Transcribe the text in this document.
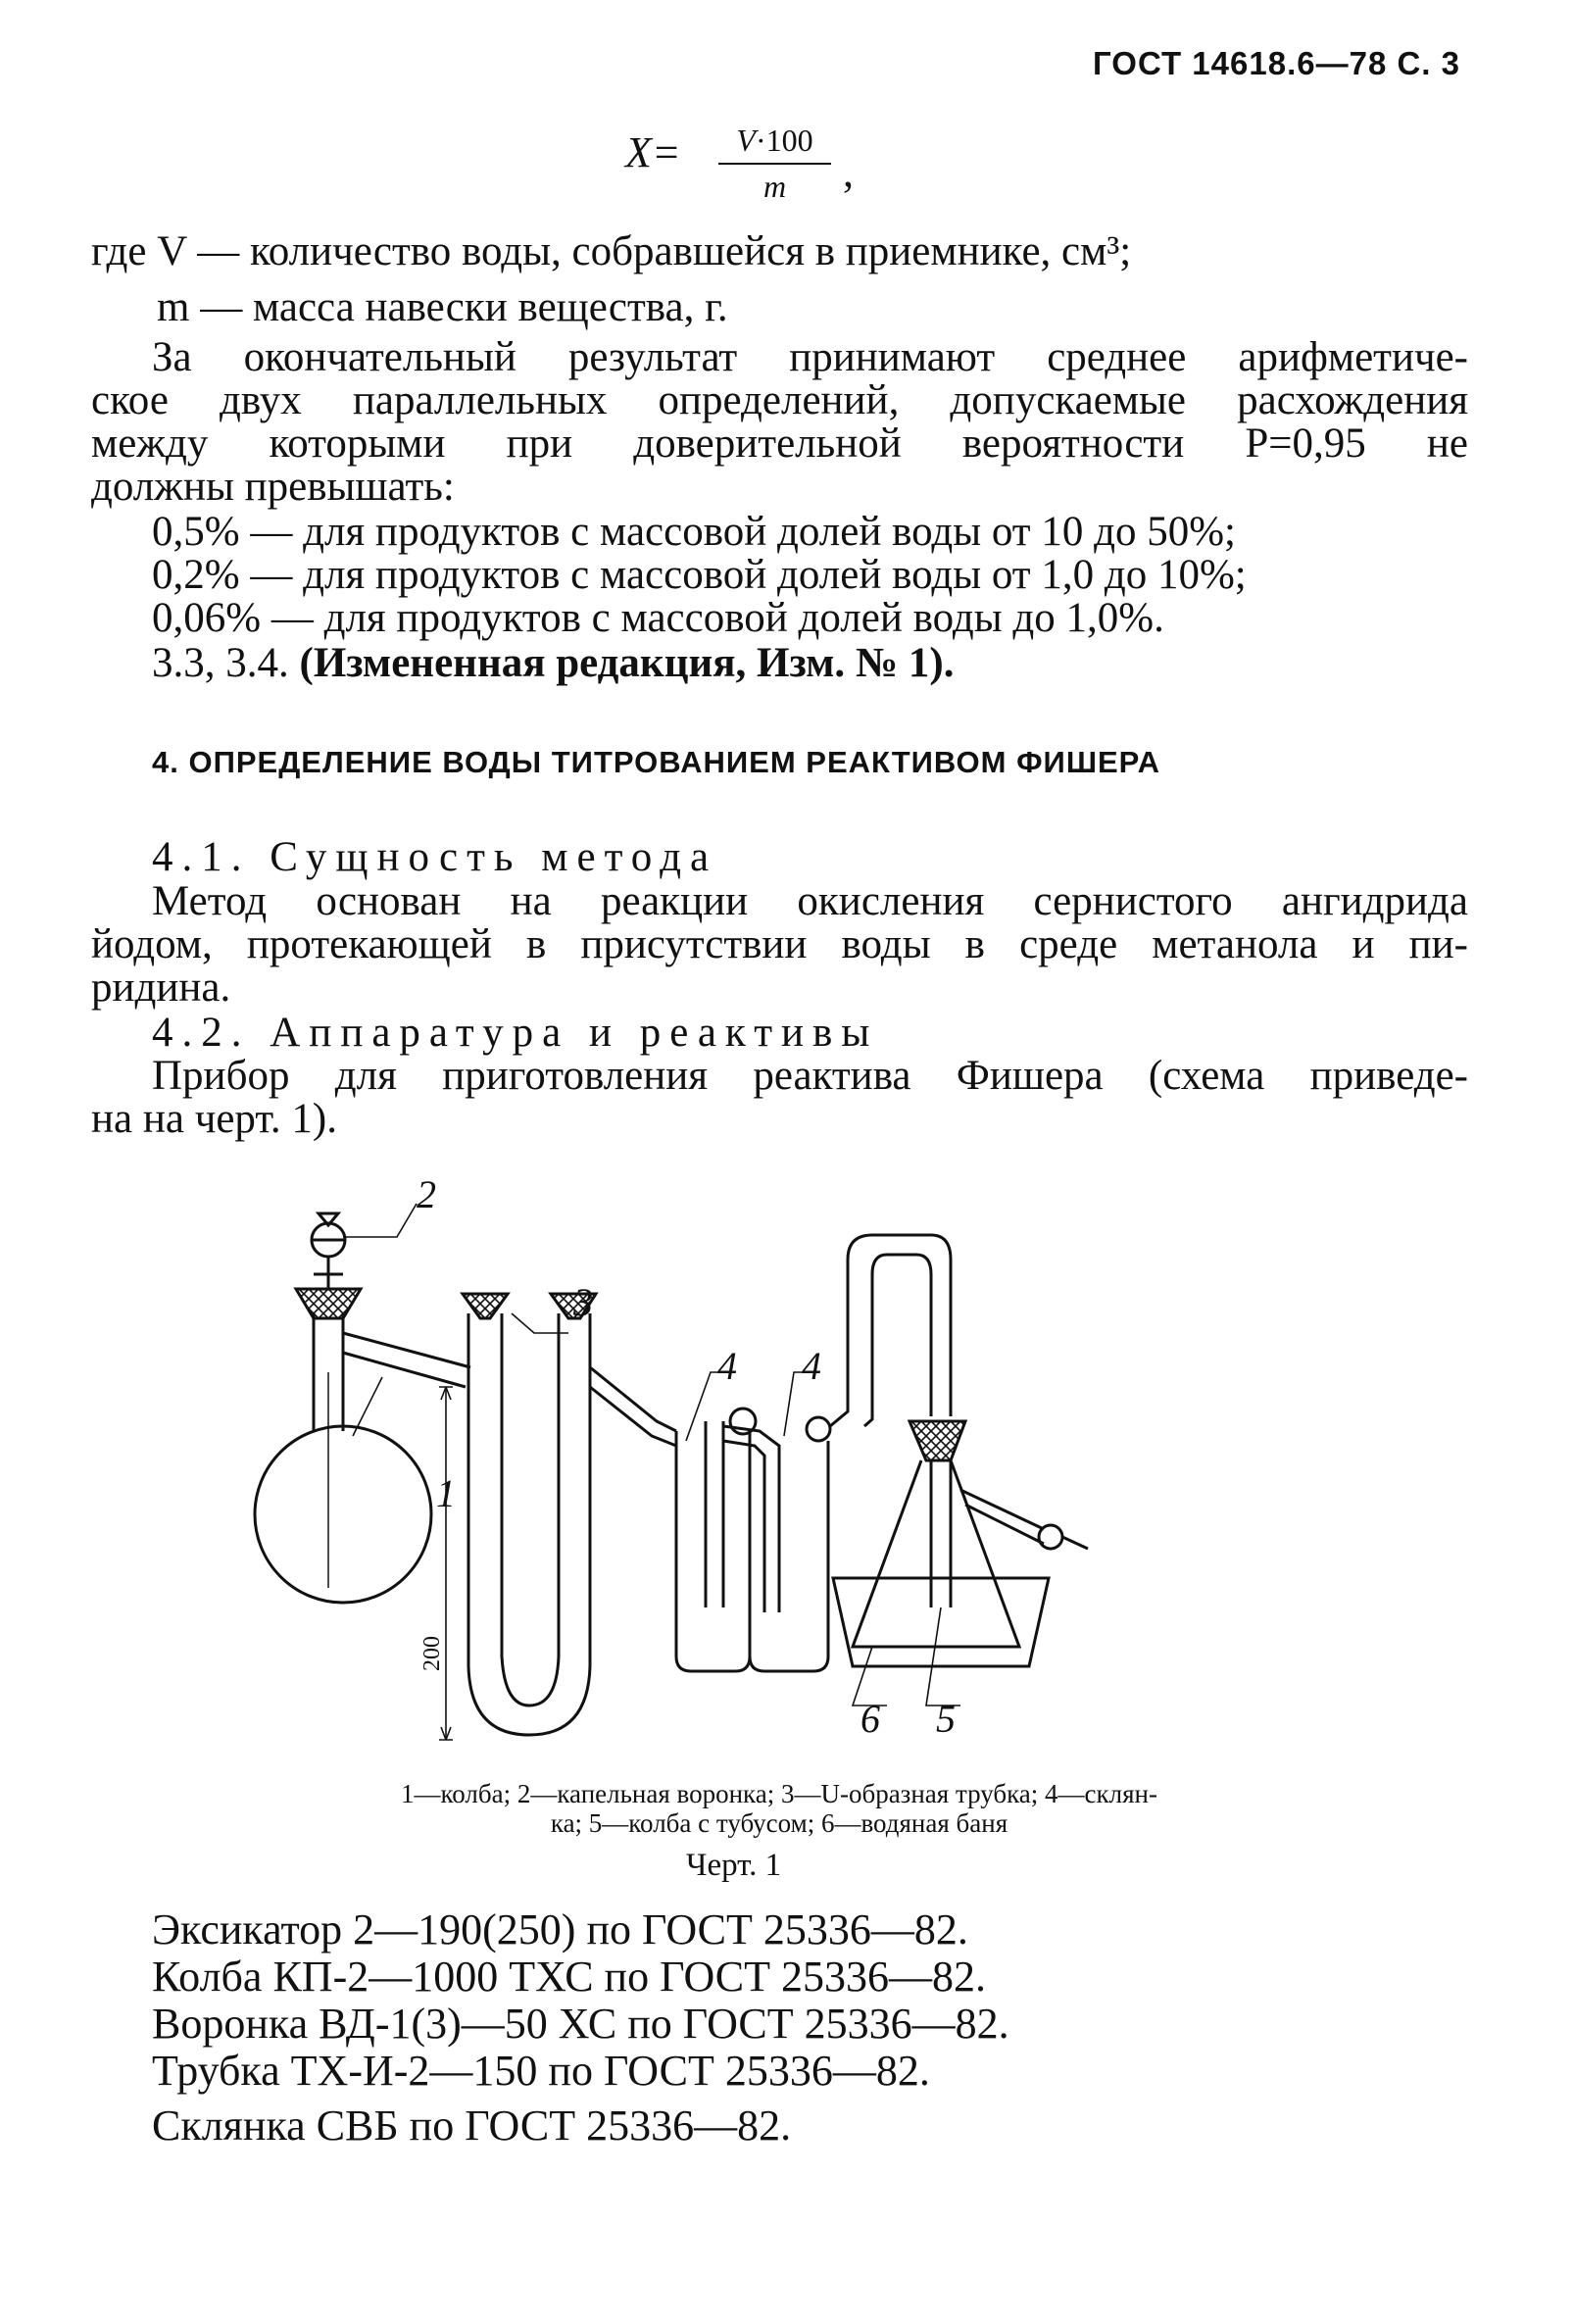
ГОСТ 14618.6—78 С. 3
X=	V·100
m	,
где V — количество воды, собравшейся в приемнике, см³;
m — масса навески вещества, г.
За окончательный результат принимают среднее арифметиче-
ское двух параллельных определений, допускаемые расхождения
между которыми при доверительной вероятности P=0,95 не
должны превышать:
0,5% — для продуктов с массовой долей воды от 10 до 50%;
0,2% — для продуктов с массовой долей воды от 1,0 до 10%;
0,06% — для продуктов с массовой долей воды до 1,0%.
3.3, 3.4. (Измененная редакция, Изм. № 1).
4. ОПРЕДЕЛЕНИЕ ВОДЫ ТИТРОВАНИЕМ РЕАКТИВОМ ФИШЕРА
4.1. Сущность метода
Метод основан на реакции окисления сернистого ангидрида
йодом, протекающей в присутствии воды в среде метанола и пи-
ридина.
4.2. Аппаратура и реактивы
Прибор для приготовления реактива Фишера (схема приведе-
на на черт. 1).
1
2
3
4 4
5
6
200
1—колба; 2—капельная воронка; 3—U-образная трубка; 4—склян-
ка; 5—колба с тубусом; 6—водяная баня
Черт. 1
Эксикатор 2—190(250) по ГОСТ 25336—82.
Колба КП-2—1000 ТХС по ГОСТ 25336—82.
Воронка ВД-1(3)—50 ХС по ГОСТ 25336—82.
Трубка ТХ-И-2—150 по ГОСТ 25336—82.
Склянка СВБ по ГОСТ 25336—82.
